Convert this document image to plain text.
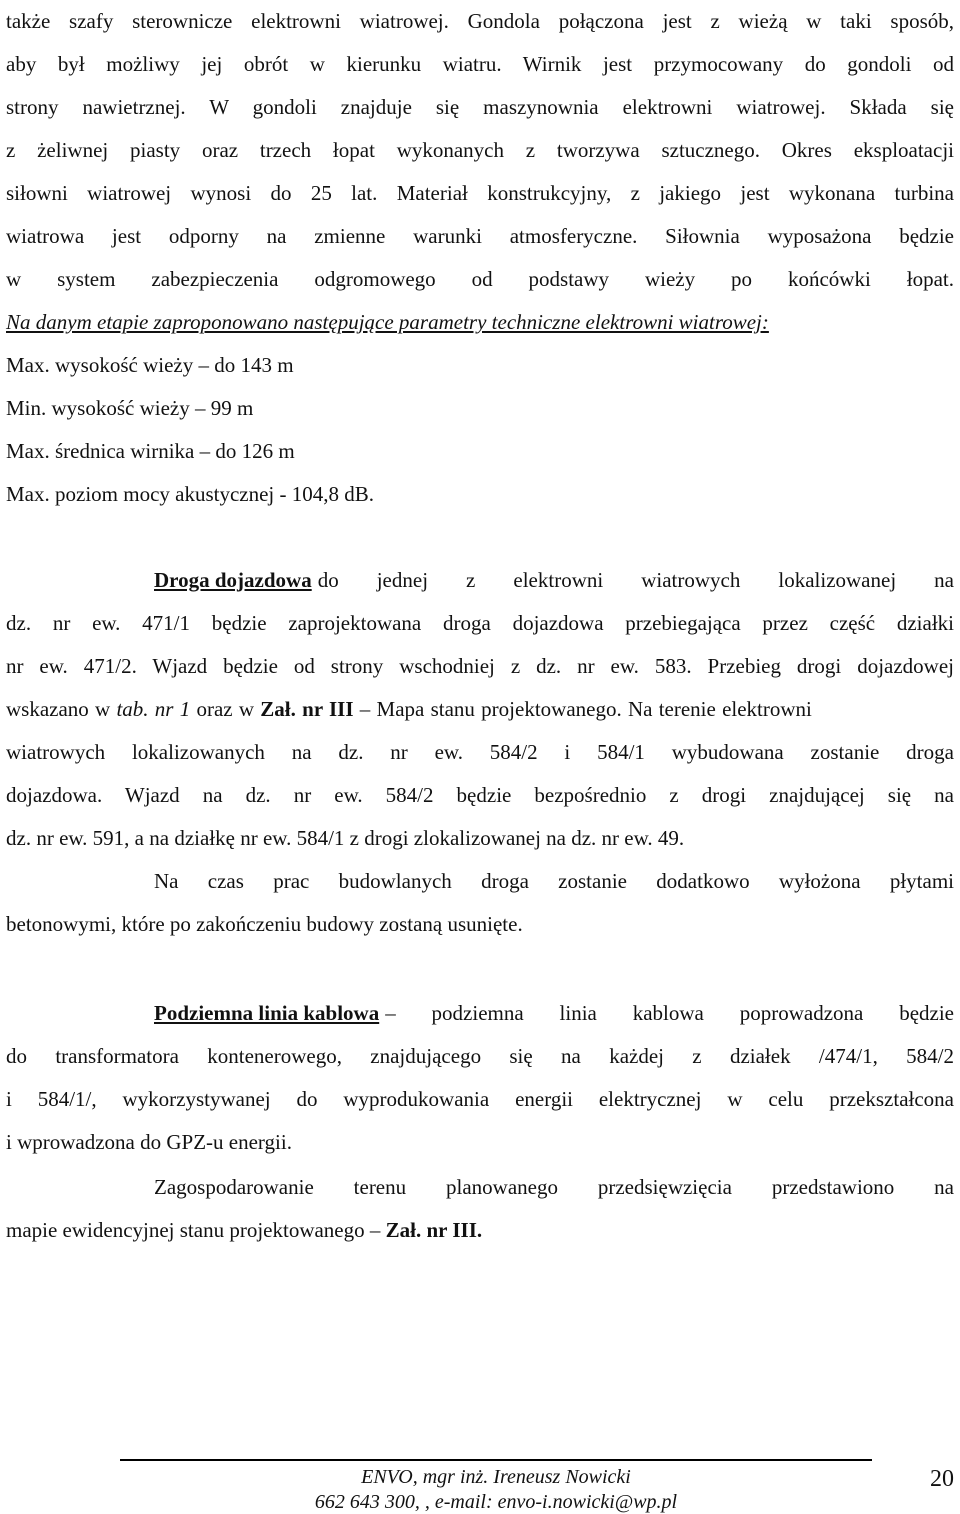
także szafy sterownicze elektrowni wiatrowej. Gondola połączona jest z wieżą w taki sposób,
aby był możliwy jej obrót w kierunku wiatru. Wirnik jest przymocowany do gondoli od
strony nawietrznej. W gondoli znajduje się maszynownia elektrowni wiatrowej. Składa się
z żeliwnej piasty oraz trzech łopat wykonanych z tworzywa sztucznego. Okres eksploatacji
siłowni wiatrowej wynosi do 25 lat. Materiał konstrukcyjny, z jakiego jest wykonana turbina
wiatrowa jest odporny na zmienne warunki atmosferyczne. Siłownia wyposażona będzie
w system zabezpieczenia odgromowego od podstawy wieży po końcówki łopat.
Na danym etapie zaproponowano następujące parametry techniczne elektrowni wiatrowej:
Max. wysokość wieży – do 143 m
Min. wysokość wieży – 99 m
Max. średnica wirnika – do 126 m
Max. poziom mocy akustycznej - 104,8 dB.
Droga dojazdowa do jednej z elektrowni wiatrowych lokalizowanej na
dz. nr ew. 471/1 będzie zaprojektowana droga dojazdowa przebiegająca przez część działki
nr ew. 471/2. Wjazd będzie od strony wschodniej z dz. nr ew. 583. Przebieg drogi dojazdowej
wskazano w tab. nr 1 oraz w Zał. nr III – Mapa stanu projektowanego. Na terenie elektrowni
wiatrowych lokalizowanych na dz. nr ew. 584/2 i 584/1 wybudowana zostanie droga
dojazdowa. Wjazd na dz. nr ew. 584/2 będzie bezpośrednio z drogi znajdującej się na
dz. nr ew. 591, a na działkę nr ew. 584/1 z drogi zlokalizowanej na dz. nr ew. 49.
Na czas prac budowlanych droga zostanie dodatkowo wyłożona płytami
betonowymi, które po zakończeniu budowy zostaną usunięte.
Podziemna linia kablowa – podziemna linia kablowa poprowadzona będzie
do transformatora kontenerowego, znajdującego się na każdej z działek /474/1, 584/2
i 584/1/, wykorzystywanej do wyprodukowania energii elektrycznej w celu przekształcona
i wprowadzona do GPZ-u energii.
Zagospodarowanie terenu planowanego przedsięwzięcia przedstawiono na
mapie ewidencyjnej stanu projektowanego – Zał. nr III.
ENVO, mgr inż. Ireneusz Nowicki
662 643 300, , e-mail: envo-i.nowicki@wp.pl
20
